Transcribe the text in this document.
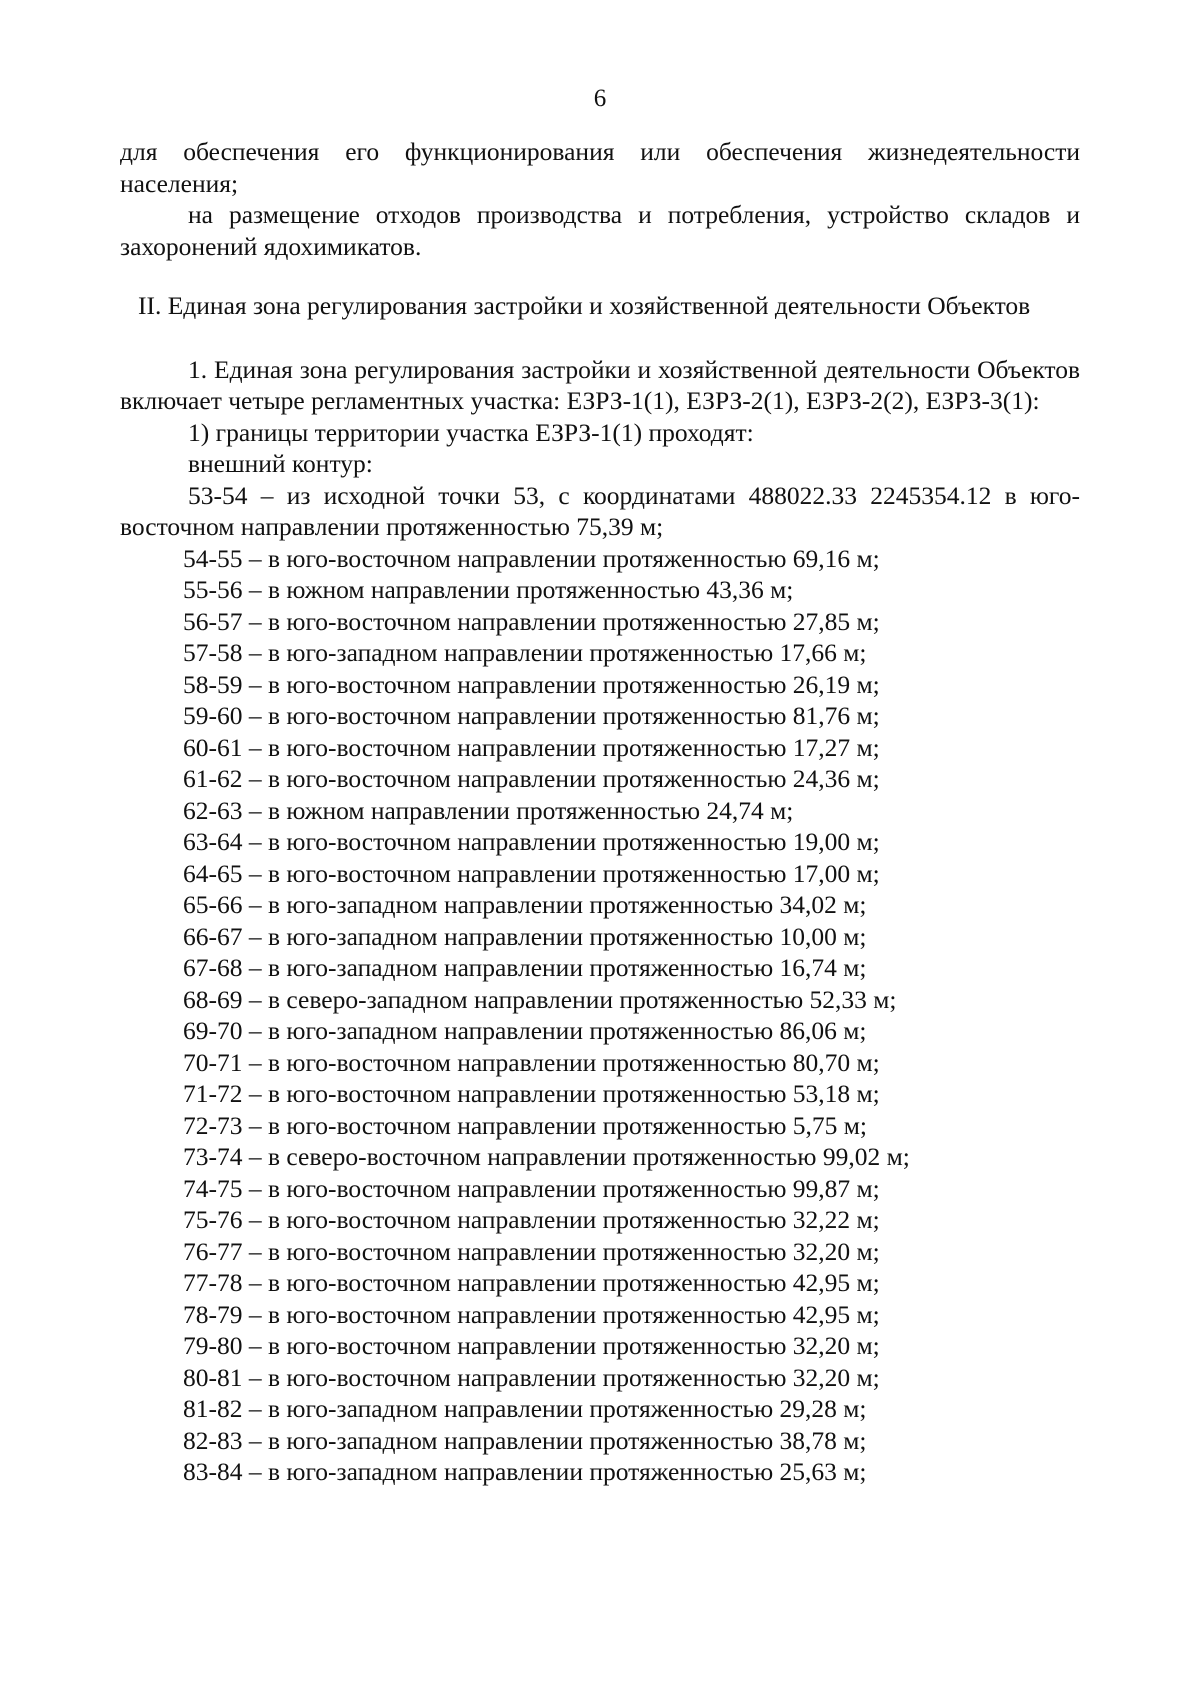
6

для обеспечения его функционирования или обеспечения жизнедеятельности населения;

на размещение отходов производства и потребления, устройство складов и захоронений ядохимикатов.

II. Единая зона регулирования застройки и хозяйственной деятельности Объектов

1. Единая зона регулирования застройки и хозяйственной деятельности Объектов включает четыре регламентных участка: ЕЗРЗ-1(1), ЕЗРЗ-2(1), ЕЗРЗ-2(2), ЕЗРЗ-3(1):

1) границы территории участка ЕЗРЗ-1(1) проходят:

внешний контур:

53-54 – из исходной точки 53, с координатами 488022.33 2245354.12 в юго-восточном направлении протяженностью 75,39 м;

54-55 – в юго-восточном направлении протяженностью 69,16 м;
55-56 – в южном направлении протяженностью 43,36 м;
56-57 – в юго-восточном направлении протяженностью 27,85 м;
57-58 – в юго-западном направлении протяженностью 17,66 м;
58-59 – в юго-восточном направлении протяженностью 26,19 м;
59-60 – в юго-восточном направлении протяженностью 81,76 м;
60-61 – в юго-восточном направлении протяженностью 17,27 м;
61-62 – в юго-восточном направлении протяженностью 24,36 м;
62-63 – в южном направлении протяженностью 24,74 м;
63-64 – в юго-восточном направлении протяженностью 19,00 м;
64-65 – в юго-восточном направлении протяженностью 17,00 м;
65-66 – в юго-западном направлении протяженностью 34,02 м;
66-67 – в юго-западном направлении протяженностью 10,00 м;
67-68 – в юго-западном направлении протяженностью 16,74 м;
68-69 – в северо-западном направлении протяженностью 52,33 м;
69-70 – в юго-западном направлении протяженностью 86,06 м;
70-71 – в юго-восточном направлении протяженностью 80,70 м;
71-72 – в юго-восточном направлении протяженностью 53,18 м;
72-73 – в юго-восточном направлении протяженностью 5,75 м;
73-74 – в северо-восточном направлении протяженностью 99,02 м;
74-75 – в юго-восточном направлении протяженностью 99,87 м;
75-76 – в юго-восточном направлении протяженностью 32,22 м;
76-77 – в юго-восточном направлении протяженностью 32,20 м;
77-78 – в юго-восточном направлении протяженностью 42,95 м;
78-79 – в юго-восточном направлении протяженностью 42,95 м;
79-80 – в юго-восточном направлении протяженностью 32,20 м;
80-81 – в юго-восточном направлении протяженностью 32,20 м;
81-82 – в юго-западном направлении протяженностью 29,28 м;
82-83 – в юго-западном направлении протяженностью 38,78 м;
83-84 – в юго-западном направлении протяженностью 25,63 м;
